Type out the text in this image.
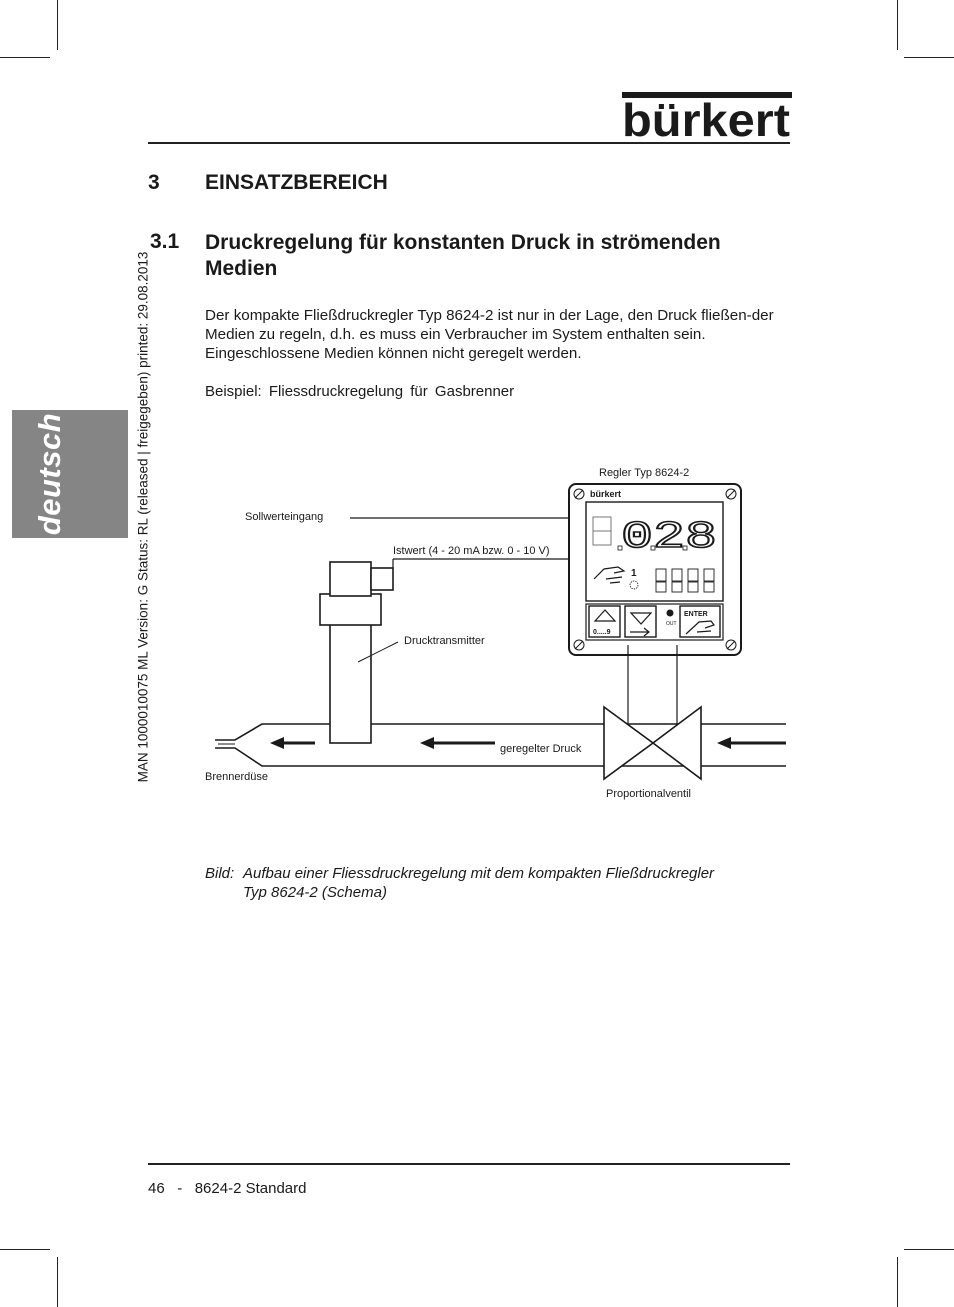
bürkert
deutsch	MAN 1000010075 ML Version: G Status: RL (released | freigegeben) printed: 29.08.2013
3 EINSATZBEREICH
3.1 Druckregelung für konstanten Druck in strömenden Medien

Der kompakte Fließdruckregler Typ 8624-2 ist nur in der Lage, den Druck fließen-der Medien zu regeln, d.h. es muss ein Verbraucher im System enthalten sein. Eingeschlossene Medien können nicht geregelt werden.

Beispiel: Fliessdruckregelung für Gasbrenner
bürkert
028
1
0.....9
OUT
ENTER
Regler Typ 8624-2
Sollwerteingang
Istwert (4 - 20 mA bzw. 0 - 10 V)
Drucktransmitter
geregelter Druck
Brennerdüse
Proportionalventil
Bild: Aufbau einer Fliessdruckregelung mit dem kompakten Fließdruckregler
Typ 8624-2 (Schema)
46 - 8624-2 Standard
